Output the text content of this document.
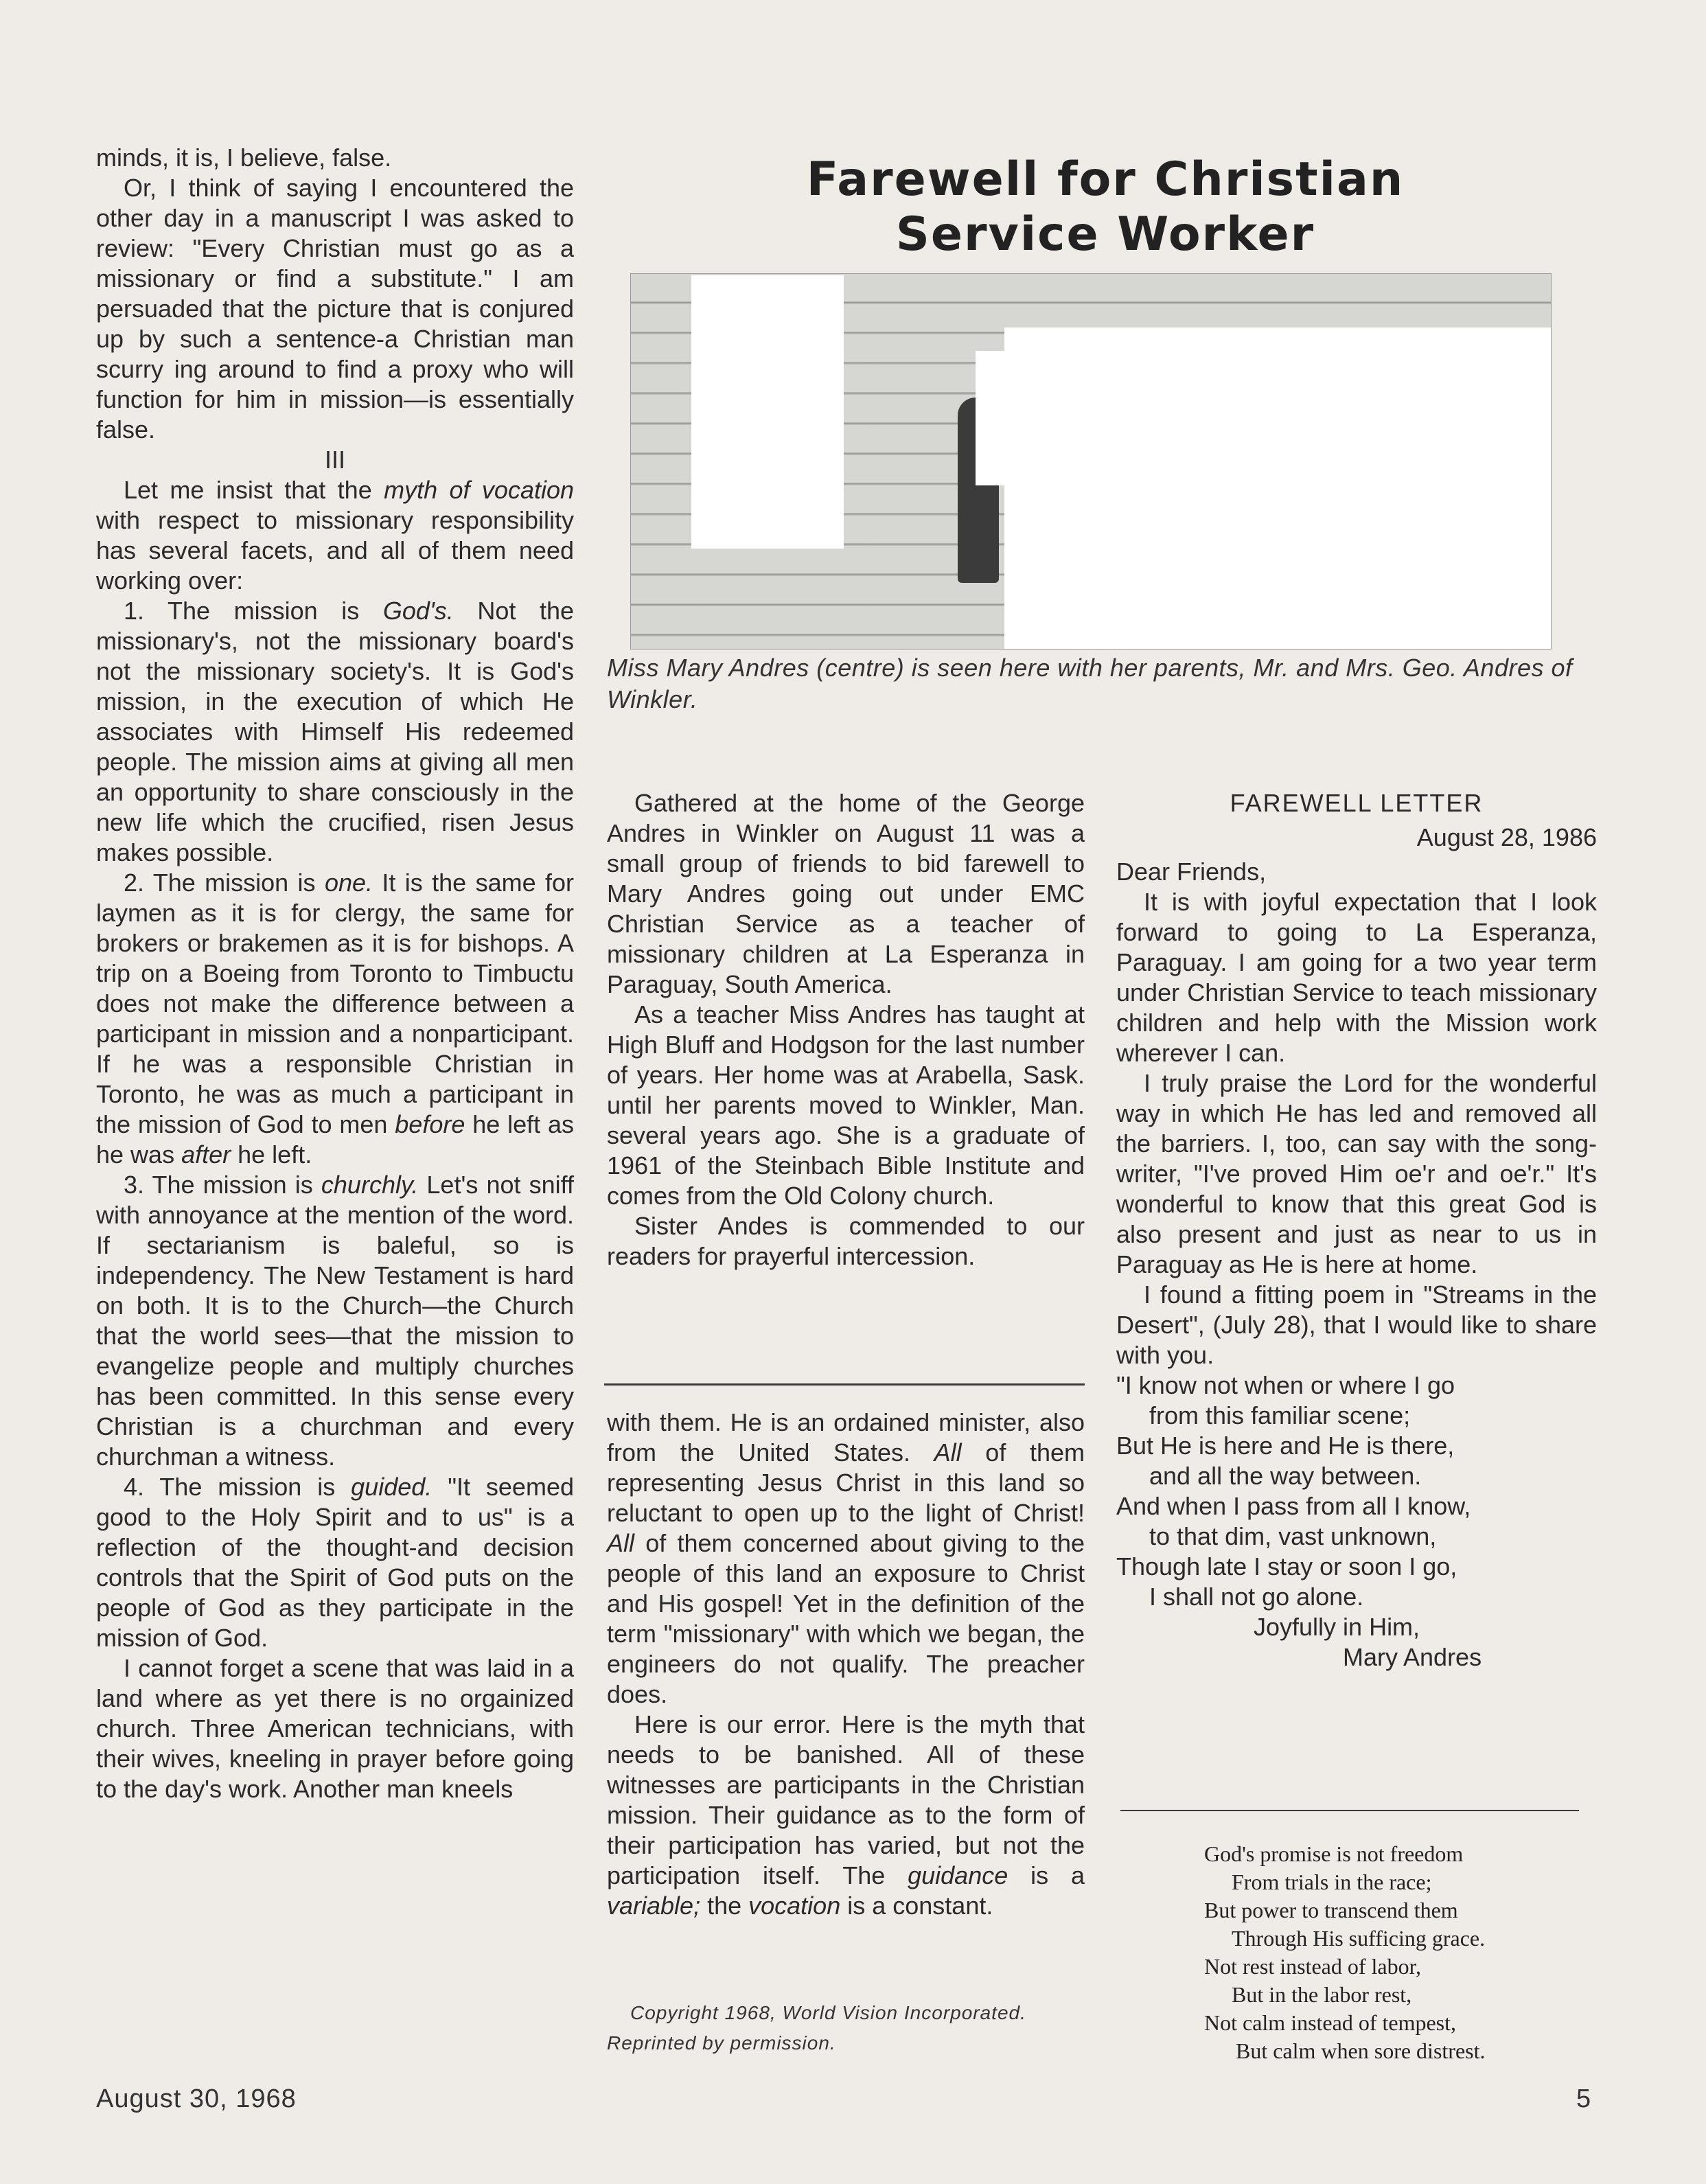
minds, it is, I believe, false.

Or, I think of saying I encountered the other day in a manuscript I was asked to review: "Every Christian must go as a missionary or find a substitute." I am persuaded that the picture that is conjured up by such a sentence-a Christian man scurry ing around to find a proxy who will function for him in mission—is essentially false.

III

Let me insist that the myth of vocation with respect to missionary responsibility has several facets, and all of them need working over:

1. The mission is God's. Not the missionary's, not the missionary board's not the missionary society's. It is God's mission, in the execution of which He associates with Himself His redeemed people. The mission aims at giving all men an opportunity to share consciously in the new life which the crucified, risen Jesus makes possible.

2. The mission is one. It is the same for laymen as it is for clergy, the same for brokers or brakemen as it is for bishops. A trip on a Boeing from Toronto to Timbuctu does not make the difference between a participant in mission and a nonparticipant. If he was a responsible Christian in Toronto, he was as much a participant in the mission of God to men before he left as he was after he left.

3. The mission is churchly. Let's not sniff with annoyance at the mention of the word. If sectarianism is baleful, so is independency. The New Testament is hard on both. It is to the Church—the Church that the world sees—that the mission to evangelize people and multiply churches has been committed. In this sense every Christian is a churchman and every churchman a witness.

4. The mission is guided. "It seemed good to the Holy Spirit and to us" is a reflection of the thought-and decision controls that the Spirit of God puts on the people of God as they participate in the mission of God.

I cannot forget a scene that was laid in a land where as yet there is no orgainized church. Three American technicians, with their wives, kneeling in prayer before going to the day's work. Another man kneels

Farewell for Christian
Service Worker

Miss Mary Andres (centre) is seen here with her parents, Mr. and Mrs. Geo. Andres of Winkler.

Gathered at the home of the George Andres in Winkler on August 11 was a small group of friends to bid farewell to Mary Andres going out under EMC Christian Service as a teacher of missionary children at La Esperanza in Paraguay, South America.

As a teacher Miss Andres has taught at High Bluff and Hodgson for the last number of years. Her home was at Arabella, Sask. until her parents moved to Winkler, Man. several years ago. She is a graduate of 1961 of the Steinbach Bible Institute and comes from the Old Colony church.

Sister Andes is commended to our readers for prayerful intercession.

with them. He is an ordained minister, also from the United States. All of them representing Jesus Christ in this land so reluctant to open up to the light of Christ! All of them concerned about giving to the people of this land an exposure to Christ and His gospel! Yet in the definition of the term "missionary" with which we began, the engineers do not qualify. The preacher does.

Here is our error. Here is the myth that needs to be banished. All of these witnesses are participants in the Christian mission. Their guidance as to the form of their participation has varied, but not the participation itself. The guidance is a variable; the vocation is a constant.

Copyright 1968, World Vision Incorporated.
Reprinted by permission.

FAREWELL LETTER

August 28, 1986

Dear Friends,

It is with joyful expectation that I look forward to going to La Esperanza, Paraguay. I am going for a two year term under Christian Service to teach missionary children and help with the Mission work wherever I can.

I truly praise the Lord for the wonderful way in which He has led and removed all the barriers. I, too, can say with the song-writer, "I've proved Him oe'r and oe'r." It's wonderful to know that this great God is also present and just as near to us in Paraguay as He is here at home.

I found a fitting poem in "Streams in the Desert", (July 28), that I would like to share with you.

"I know not when or where I go

from this familiar scene;

But He is here and He is there,

and all the way between.

And when I pass from all I know,

to that dim, vast unknown,

Though late I stay or soon I go,

I shall not go alone.

Joyfully in Him,

Mary Andres

God's promise is not freedom
From trials in the race;
But power to transcend them
Through His sufficing grace.
Not rest instead of labor,
But in the labor rest,
Not calm instead of tempest,
But calm when sore distrest.
August 30, 1968	5
